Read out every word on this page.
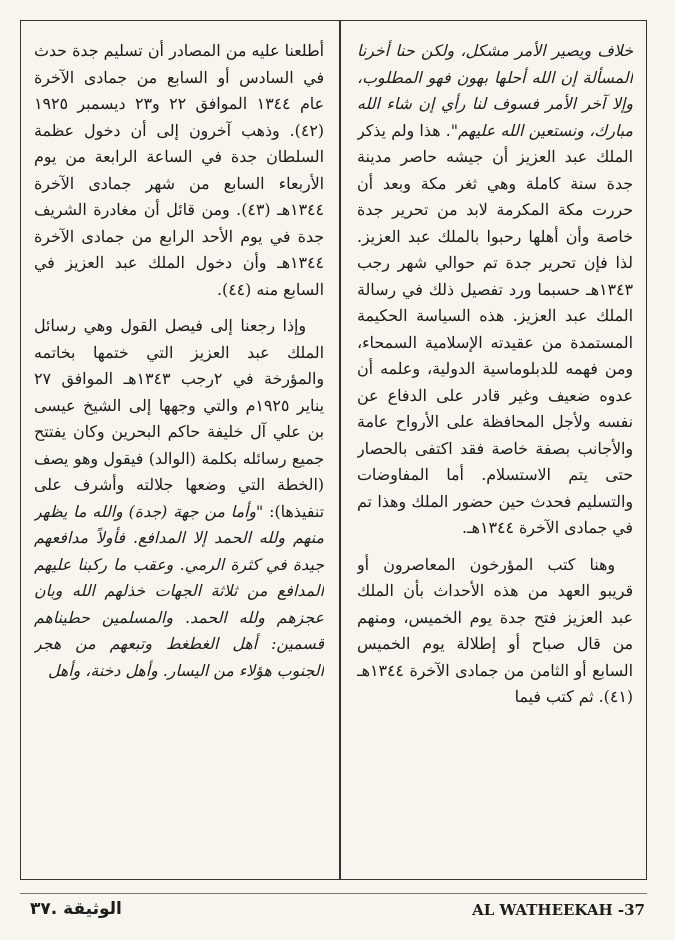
خلاف ويصير الأمر مشكل، ولكن حنا أخرنا المسألة إن الله أحلها بهون فهو المطلوب، وإلا آخر الأمر فسوف لنا رأي إن شاء الله مبارك، ونستعين الله عليهم". هذا ولم يذكر الملك عبد العزيز أن جيشه حاصر مدينة جدة سنة كاملة وهي ثغر مكة وبعد أن حررت مكة المكرمة لابد من تحرير جدة خاصة وأن أهلها رحبوا بالملك عبد العزيز. لذا فإن تحرير جدة تم حوالي شهر رجب ١٣٤٣هـ حسبما ورد تفصيل ذلك في رسالة الملك عبد العزيز. هذه السياسة الحكيمة المستمدة من عقيدته الإسلامية السمحاء، ومن فهمه للدبلوماسية الدولية، وعلمه أن عدوه ضعيف وغير قادر على الدفاع عن نفسه ولأجل المحافظة على الأرواح عامة والأجانب بصفة خاصة فقد اكتفى بالحصار حتى يتم الاستسلام. أما المفاوضات والتسليم فحدث حين حضور الملك وهذا تم في جمادى الآخرة ١٣٤٤هـ.

وهنا كتب المؤرخون المعاصرون أو قريبو العهد من هذه الأحداث بأن الملك عبد العزيز فتح جدة يوم الخميس، ومنهم من قال صباح أو إطلالة يوم الخميس السابع أو الثامن من جمادى الآخرة ١٣٤٤هـ (٤١). ثم كتب فيما

أطلعنا عليه من المصادر أن تسليم جدة حدث في السادس أو السابع من جمادى الآخرة عام ١٣٤٤ الموافق ٢٢ و٢٣ ديسمبر ١٩٢٥ (٤٢). وذهب آخرون إلى أن دخول عظمة السلطان جدة في الساعة الرابعة من يوم الأربعاء السابع من شهر جمادى الآخرة ١٣٤٤هـ (٤٣). ومن قائل أن مغادرة الشريف جدة في يوم الأحد الرابع من جمادى الآخرة ١٣٤٤هـ وأن دخول الملك عبد العزيز في السابع منه (٤٤).

وإذا رجعنا إلى فيصل القول وهي رسائل الملك عبد العزيز التي ختمها بخاتمه والمؤرخة في ٢رجب ١٣٤٣هـ الموافق ٢٧ يناير ١٩٢٥م والتي وجهها إلى الشيخ عيسى بن علي آل خليفة حاكم البحرين وكان يفتتح جميع رسائله بكلمة (الوالد) فيقول وهو يصف (الخطة التي وضعها جلالته وأشرف على تنفيذها): "وأما من جهة (جدة) والله ما يظهر منهم ولله الحمد إلا المدافع. فأولاً مدافعهم جيدة في كثرة الرمي. وعقب ما ركبنا عليهم المدافع من ثلاثة الجهات خذلهم الله وبان عجزهم ولله الحمد. والمسلمين حطيناهم قسمين: أهل الغطغط وتبعهم من هجر الجنوب هؤلاء من اليسار. وأهل دخنة، وأهل

الوثيقة .٣٧	AL WATHEEKAH -37
